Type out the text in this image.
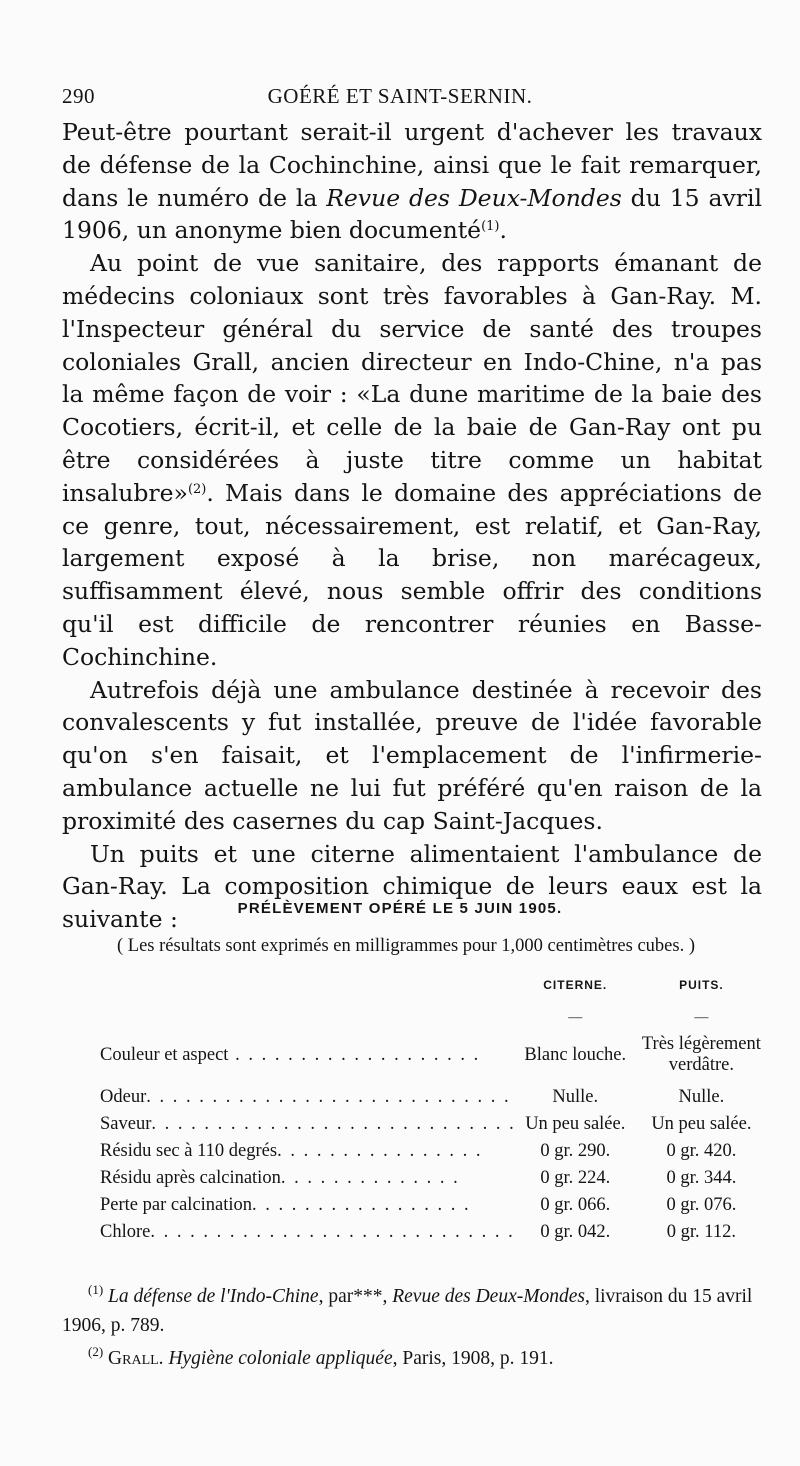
290	GOÉRÉ ET SAINT-SERNIN.

Peut-être pourtant serait-il urgent d'achever les travaux de défense de la Cochinchine, ainsi que le fait remarquer, dans le numéro de la Revue des Deux-Mondes du 15 avril 1906, un anonyme bien documenté$^{(1)}$.

Au point de vue sanitaire, des rapports émanant de médecins coloniaux sont très favorables à Gan-Ray. M. l'Inspecteur général du service de santé des troupes coloniales Grall, ancien directeur en Indo-Chine, n'a pas la même façon de voir : «La dune maritime de la baie des Cocotiers, écrit-il, et celle de la baie de Gan-Ray ont pu être considérées à juste titre comme un habitat insalubre»$^{(2)}$. Mais dans le domaine des appréciations de ce genre, tout, nécessairement, est relatif, et Gan-Ray, largement exposé à la brise, non marécageux, suffisamment élevé, nous semble offrir des conditions qu'il est difficile de rencontrer réunies en Basse-Cochinchine.

Autrefois déjà une ambulance destinée à recevoir des convalescents y fut installée, preuve de l'idée favorable qu'on s'en faisait, et l'emplacement de l'infirmerie-ambulance actuelle ne lui fut préféré qu'en raison de la proximité des casernes du cap Saint-Jacques.

Un puits et une citerne alimentaient l'ambulance de Gan-Ray. La composition chimique de leurs eaux est la suivante :	PRÉLÈVEMENT OPÉRÉ LE 5 JUIN 1905.
( Les résultats sont exprimés en milligrammes pour 1,000 centimètres cubes. )
	CITERNE.	PUITS.
	—	—
Couleur et aspect . . . . . . . . . . . . . . . . . . .	Blanc louche.	Très légèrement verdâtre.
Odeur. . . . . . . . . . . . . . . . . . . . . . . . . . . .	Nulle.	Nulle.
Saveur. . . . . . . . . . . . . . . . . . . . . . . . . . . .	Un peu salée.	Un peu salée.
Résidu sec à 110 degrés. . . . . . . . . . . . . . . .	0 gr. 290.	0 gr. 420.
Résidu après calcination. . . . . . . . . . . . . .	0 gr. 224.	0 gr. 344.
Perte par calcination. . . . . . . . . . . . . . . . .	0 gr. 066.	0 gr. 076.
Chlore. . . . . . . . . . . . . . . . . . . . . . . . . . . .	0 gr. 042.	0 gr. 112.

$^{(1)}$ La défense de l'Indo-Chine, par***, Revue des Deux-Mondes, livraison du 15 avril 1906, p. 789.

$^{(2)}$ Grall. Hygiène coloniale appliquée, Paris, 1908, p. 191.
